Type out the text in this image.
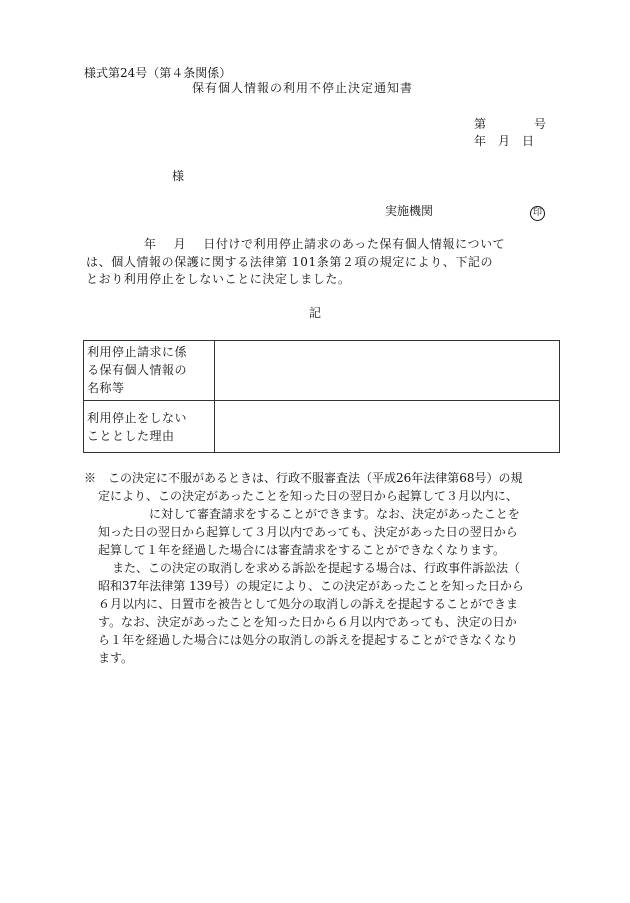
様式第24号（第４条関係）
保有個人情報の利用不停止決定通知書
第　　　　号
年　月　日
様
実施機関	印
年　 月　 日付けで利用停止請求のあった保有個人情報について
は、個人情報の保護に関する法律第 101条第２項の規定により、下記の
とおり利用停止をしないことに決定しました。
記
利用停止請求に係
る保有個人情報の
名称等	

利用停止をしない
こととした理由	

※　この決定に不服があるときは、行政不服審査法（平成26年法律第68号）の規
定により、この決定があったことを知った日の翌日から起算して３月以内に、
に対して審査請求をすることができます。なお、決定があったことを
知った日の翌日から起算して３月以内であっても、決定があった日の翌日から
起算して１年を経過した場合には審査請求をすることができなくなります。
また、この決定の取消しを求める訴訟を提起する場合は、行政事件訴訟法（
昭和37年法律第 139号）の規定により、この決定があったことを知った日から
６月以内に、日置市を被告として処分の取消しの訴えを提起することができま
す。なお、決定があったことを知った日から６月以内であっても、決定の日か
ら１年を経過した場合には処分の取消しの訴えを提起することができなくなり
ます。
